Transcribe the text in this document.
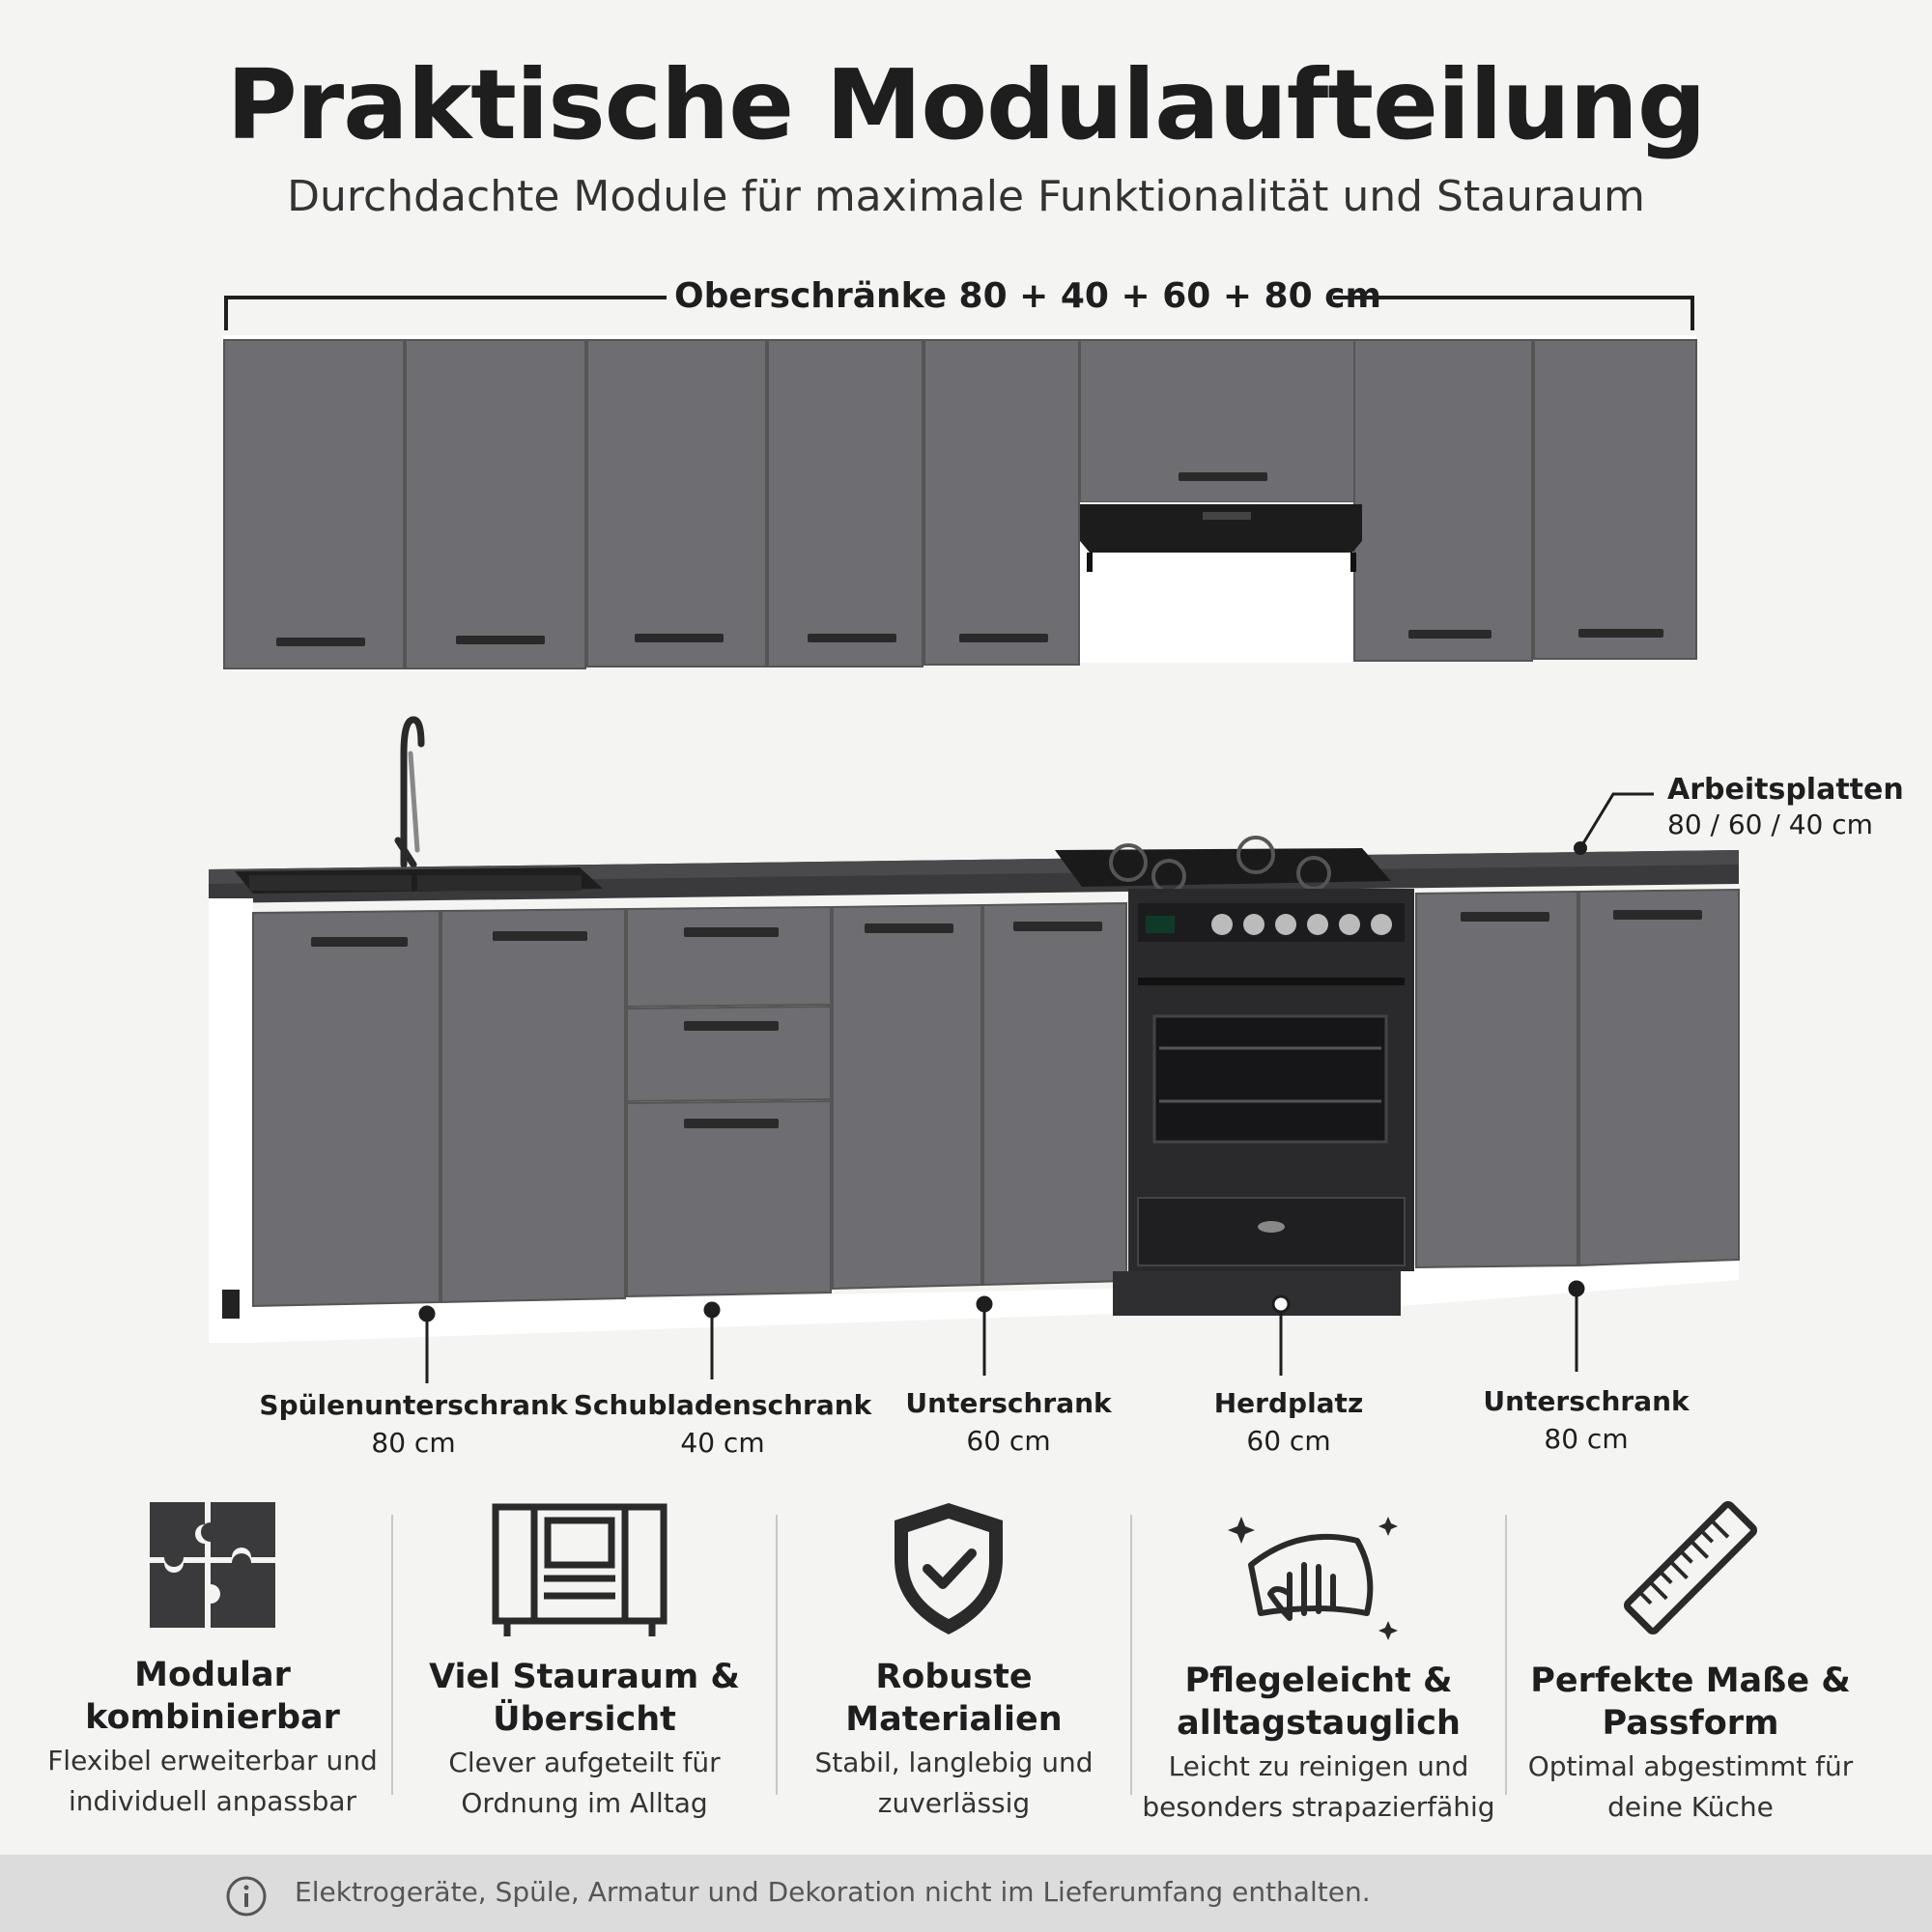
Praktische Modulaufteilung
Durchdachte Module für maximale Funktionalität und Stauraum
Oberschränke 80 + 40 + 60 + 80 cm
Arbeitsplatten
80 / 60 / 40 cm
Spülenunterschrank
80 cm
Schubladenschrank
40 cm
Unterschrank
60 cm
Herdplatz
60 cm
Unterschrank
80 cm
Modular
kombinierbar
Flexibel erweiterbar und
individuell anpassbar
Viel Stauraum &
Übersicht
Clever aufgeteilt für
Ordnung im Alltag
Robuste
Materialien
Stabil, langlebig und
zuverlässig
Pflegeleicht &
alltagstauglich
Leicht zu reinigen und
besonders strapazierfähig
Perfekte Maße &
Passform
Optimal abgestimmt für
deine Küche
Elektrogeräte, Spüle, Armatur und Dekoration nicht im Lieferumfang enthalten.
